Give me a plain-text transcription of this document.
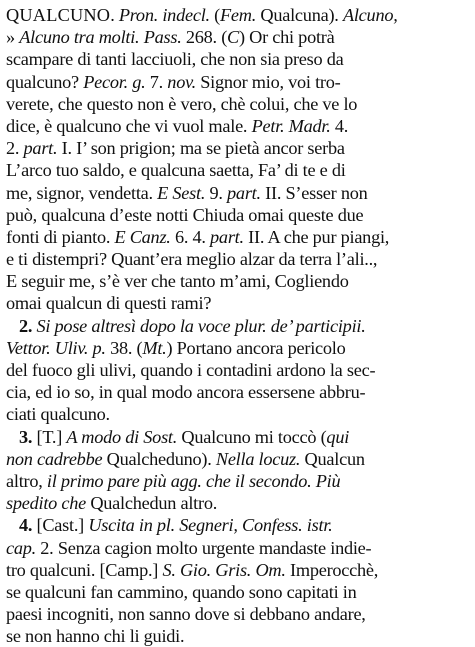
QUALCUNO. Pron. indecl. (Fem. Qualcuna). Alcuno,
» Alcuno tra molti. Pass. 268. (C) Or chi potrà
scampare di tanti lacciuoli, che non sia preso da
qualcuno? Pecor. g. 7. nov. Signor mio, voi tro-
verete, che questo non è vero, chè colui, che ve lo
dice, è qualcuno che vi vuol male. Petr. Madr. 4.
2. part. I. I’ son prigion; ma se pietà ancor serba
L’arco tuo saldo, e qualcuna saetta, Fa’ di te e di
me, signor, vendetta. E Sest. 9. part. II. S’esser non
può, qualcuna d’este notti Chiuda omai queste due
fonti di pianto. E Canz. 6. 4. part. II. A che pur piangi,
e ti distempri? Quant’era meglio alzar da terra l’ali..,
E seguir me, s’è ver che tanto m’ami, Cogliendo
omai qualcun di questi rami?
2. Si pose altresì dopo la voce plur. de’ participii.
Vettor. Uliv. p. 38. (Mt.) Portano ancora pericolo
del fuoco gli ulivi, quando i contadini ardono la sec-
cia, ed io so, in qual modo ancora essersene abbru-
ciati qualcuno.
3. [T.] A modo di Sost. Qualcuno mi toccò (qui
non cadrebbe Qualcheduno). Nella locuz. Qualcun
altro, il primo pare più agg. che il secondo. Più
spedito che Qualchedun altro.
4. [Cast.] Uscita in pl. Segneri, Confess. istr.
cap. 2. Senza cagion molto urgente mandaste indie-
tro qualcuni. [Camp.] S. Gio. Gris. Om. Imperocchè,
se qualcuni fan cammino, quando sono capitati in
paesi incogniti, non sanno dove si debbano andare,
se non hanno chi li guidi.
